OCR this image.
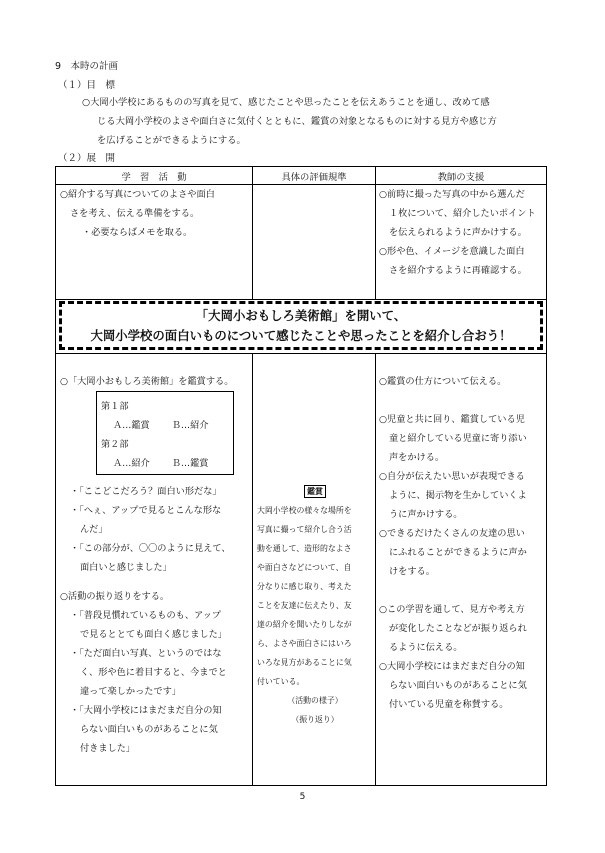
9　本時の計画
（１）目　標
○大岡小学校にあるものの写真を見て、感じたことや思ったことを伝えあうことを通し、改めて感
じる大岡小学校のよさや面白さに気付くとともに、鑑賞の対象となるものに対する見方や感じ方
を広げることができるようにする。
（２）展　開
学　習　活　動	具体の評価規準	教師の支援

○紹介する写真についてのよさや面白

さを考え、伝える準備をする。

・必要ならばメモを取る。

○前時に撮った写真の中から選んだ

１枚について、紹介したいポイント

を伝えられるように声かけする。

○形や色、イメージを意識した面白

さを紹介するように再確認する。

「大岡小おもしろ美術館」を開いて、
大岡小学校の面白いものについて感じたことや思ったことを紹介し合おう！

○「大岡小おもしろ美術館」を鑑賞する。

第１部
Ａ…鑑賞 Ｂ…紹介
第２部
Ａ…紹介 Ｂ…鑑賞

・「ここどこだろう？面白い形だな」

・「へぇ、アップで見るとこんな形な

んだ」

・「この部分が、〇〇のように見えて、

面白いと感じました」

○活動の振り返りをする。

・「普段見慣れているものも、アップ

で見るととても面白く感じました」

・「ただ面白い写真、というのではな

く、形や色に着目すると、今までと

違って楽しかったです」

・「大岡小学校にはまだまだ自分の知

らない面白いものがあることに気

付きました」

鑑賞
大岡小学校の様々な場所を
写真に撮って紹介し合う活
動を通して、造形的なよさ
や面白さなどについて、自
分なりに感じ取り、考えた
ことを友達に伝えたり、友
達の紹介を聞いたりしなが
ら、よさや面白さにはいろ
いろな見方があることに気
付いている。
（活動の様子）
（振り返り）

○鑑賞の仕方について伝える。

○児童と共に回り、鑑賞している児

童と紹介している児童に寄り添い

声をかける。

○自分が伝えたい思いが表現できる

ように、掲示物を生かしていくよ

うに声かけする。

○できるだけたくさんの友達の思い

にふれることができるように声か

けをする。

○この学習を通して、見方や考え方

が変化したことなどが振り返られ

るように伝える。

○大岡小学校にはまだまだ自分の知

らない面白いものがあることに気

付いている児童を称賛する。

5
